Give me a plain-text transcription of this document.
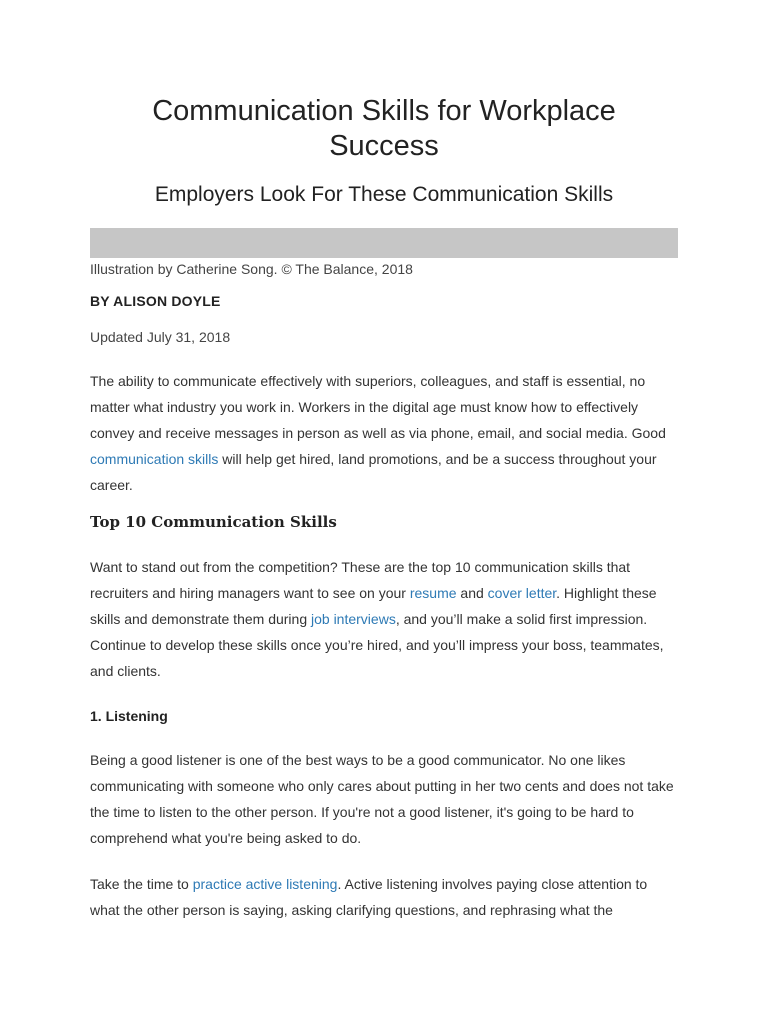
Communication Skills for Workplace
Success
Employers Look For These Communication Skills
Illustration by Catherine Song. © The Balance, 2018
BY ALISON DOYLE
Updated July 31, 2018

The ability to communicate effectively with superiors, colleagues, and staff is essential, no matter what industry you work in. Workers in the digital age must know how to effectively convey and receive messages in person as well as via phone, email, and social media. Good communication skills will help get hired, land promotions, and be a success throughout your career.

Top 10 Communication Skills

Want to stand out from the competition? These are the top 10 communication skills that recruiters and hiring managers want to see on your resume and cover letter. Highlight these skills and demonstrate them during job interviews, and you’ll make a solid first impression. Continue to develop these skills once you’re hired, and you’ll impress your boss, teammates, and clients.

1. Listening

Being a good listener is one of the best ways to be a good communicator. No one likes communicating with someone who only cares about putting in her two cents and does not take the time to listen to the other person. If you're not a good listener, it's going to be hard to comprehend what you're being asked to do.

Take the time to practice active listening. Active listening involves paying close attention to what the other person is saying, asking clarifying questions, and rephrasing what the
